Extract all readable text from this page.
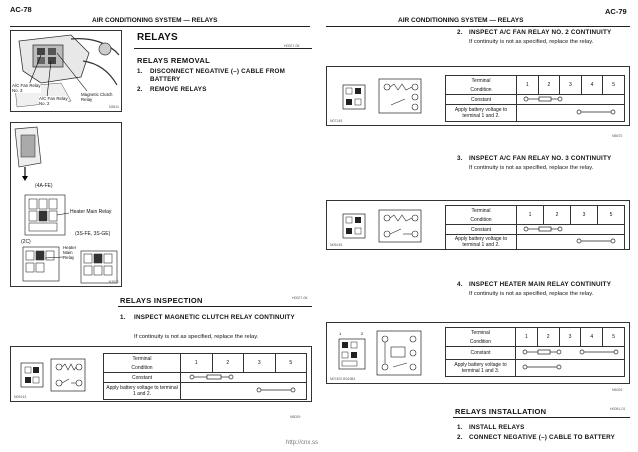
AC-78
AIR CONDITIONING SYSTEM — RELAYS
A/C Fan Relay
No. 3
A/C Fan Relay
No. 2
Magnetic Clutch
Relay
N3611
(4A-FE)
Heater Main Relay
(2C)
(3S-FE, 3S-GE)
Heater
Main
Relay
N3501
RELAYS
H0027-05
RELAYS REMOVAL
1. DISCONNECT NEGATIVE (–) CABLE FROM BATTERY
2. REMOVE RELAYS
RELAYS INSPECTION	H0027-06
1. INSPECT MAGNETIC CLUTCH RELAY CONTINUITY
If continuity is not as specified, replace the relay.
N05143
Terminal	1	2	3	5
Condition				
Constant	
Apply battery voltage to terminal 1 and 2.	
N5029
AIR CONDITIONING SYSTEM — RELAYS
AC-79
2. INSPECT A/C FAN RELAY NO. 2 CONTINUITY
If continuity is not as specified, replace the relay.
N07145
Terminal	1	2	3	4	5
Condition					
Constant	
Apply battery voltage to terminal 1 and 2.	
N5670
3. INSPECT A/C FAN RELAY NO. 3 CONTINUITY
If continuity is not as specified, replace the relay.
N05145
Terminal	1	2	3	5
Condition				
Constant	
Apply battery voltage to terminal 1 and 2.	
4. INSPECT HEATER MAIN RELAY CONTINUITY
If continuity is not as specified, replace the relay.
1	2
N07402 B01984
Terminal	1	2	3	4	5
Condition					
Constant	
Apply battery voltage to terminal 1 and 3.	
N5029
RELAYS INSTALLATION	H0091-01
1. INSTALL RELAYS
2. CONNECT NEGATIVE (–) CABLE TO BATTERY
http://cnx.ss
